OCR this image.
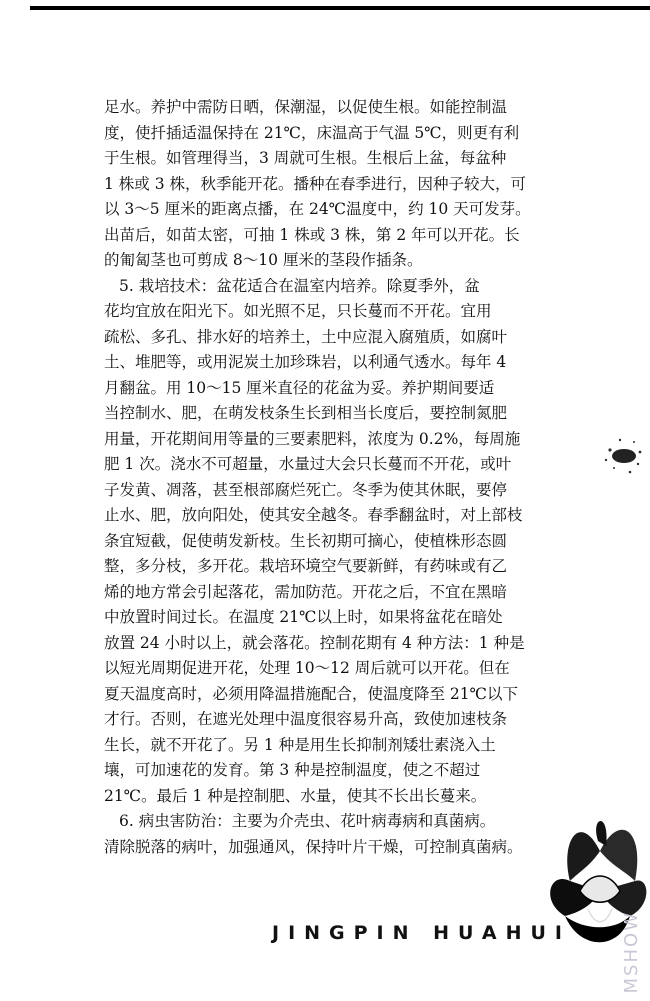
足水。养护中需防日晒，保潮湿，以促使生根。如能控制温
度，使扦插适温保持在 21℃，床温高于气温 5℃，则更有利
于生根。如管理得当，3 周就可生根。生根后上盆，每盆种
1 株或 3 株，秋季能开花。播种在春季进行，因种子较大，可
以 3～5 厘米的距离点播，在 24℃温度中，约 10 天可发芽。
出苗后，如苗太密，可抽 1 株或 3 株，第 2 年可以开花。长
的匍匐茎也可剪成 8～10 厘米的茎段作插条。
5. 栽培技术：盆花适合在温室内培养。除夏季外，盆
花均宜放在阳光下。如光照不足，只长蔓而不开花。宜用
疏松、多孔、排水好的培养土，土中应混入腐殖质，如腐叶
土、堆肥等，或用泥炭土加珍珠岩，以利通气透水。每年 4
月翻盆。用 10～15 厘米直径的花盆为妥。养护期间要适
当控制水、肥，在萌发枝条生长到相当长度后，要控制氮肥
用量，开花期间用等量的三要素肥料，浓度为 0.2%，每周施
肥 1 次。浇水不可超量，水量过大会只长蔓而不开花，或叶
子发黄、凋落，甚至根部腐烂死亡。冬季为使其休眠，要停
止水、肥，放向阳处，使其安全越冬。春季翻盆时，对上部枝
条宜短截，促使萌发新枝。生长初期可摘心，使植株形态圆
整，多分枝，多开花。栽培环境空气要新鲜，有药味或有乙
烯的地方常会引起落花，需加防范。开花之后，不宜在黑暗
中放置时间过长。在温度 21℃以上时，如果将盆花在暗处
放置 24 小时以上，就会落花。控制花期有 4 种方法：1 种是
以短光周期促进开花，处理 10～12 周后就可以开花。但在
夏天温度高时，必须用降温措施配合，使温度降至 21℃以下
才行。否则，在遮光处理中温度很容易升高，致使加速枝条
生长，就不开花了。另 1 种是用生长抑制剂矮壮素浇入土
壤，可加速花的发育。第 3 种是控制温度，使之不超过
21℃。最后 1 种是控制肥、水量，使其不长出长蔓来。
6. 病虫害防治：主要为介壳虫、花叶病毒病和真菌病。
清除脱落的病叶，加强通风，保持叶片干燥，可控制真菌病。
JINGPIN HUAHUI	MSHOW
